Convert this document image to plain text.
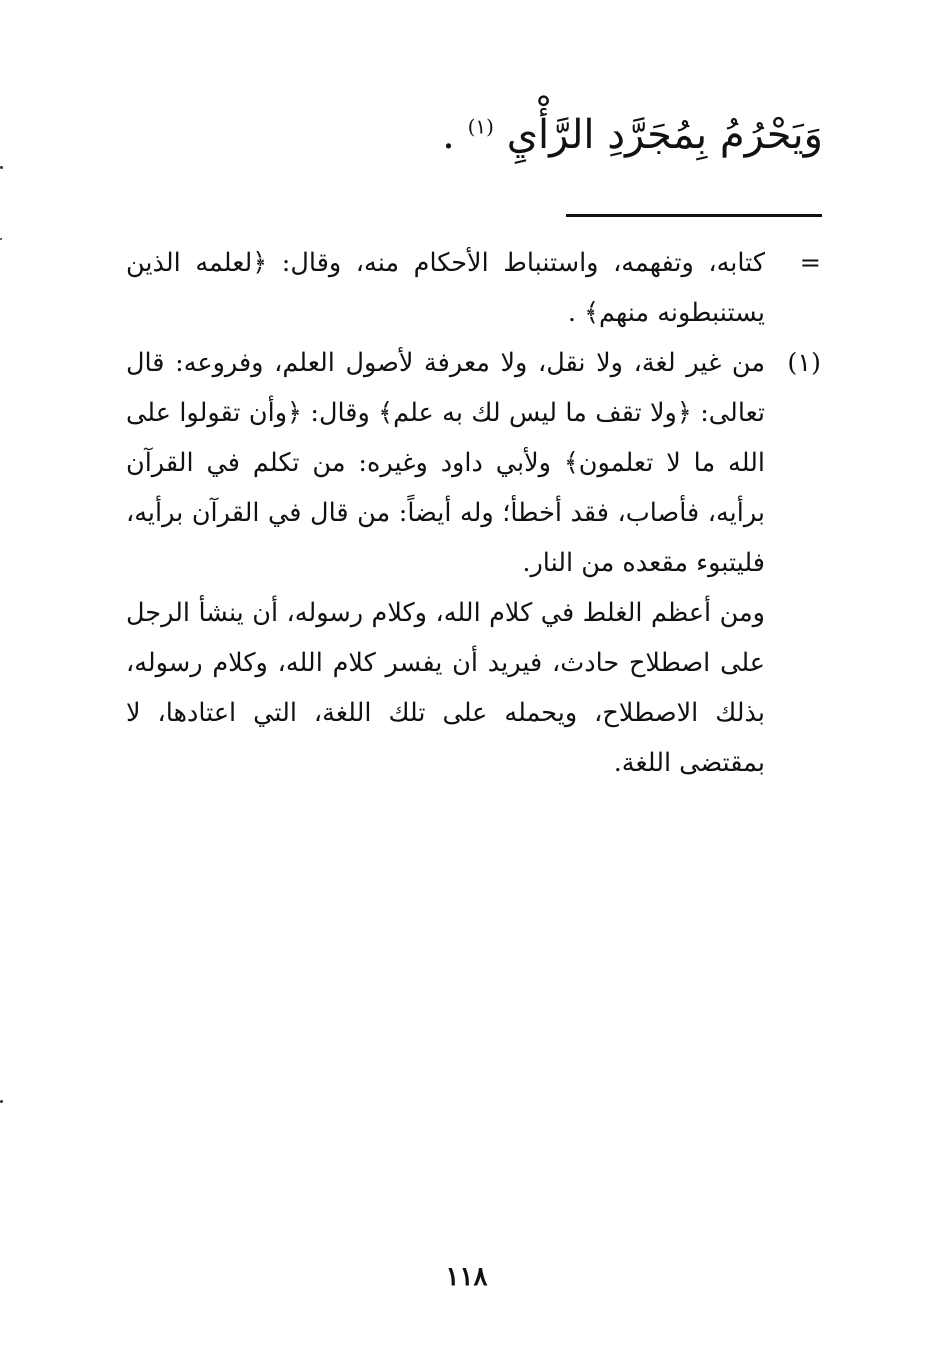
وَيَحْرُمُ بِمُجَرَّدِ الرَّأْيِ $^{(١)}$ .
=
كتابه، وتفهمه، واستنباط الأحكام منه، وقال: ﴿لعلمه الذين يستنبطونه منهم﴾ .
(١)
من غير لغة، ولا نقل، ولا معرفة لأصول العلم، وفروعه: قال تعالى: ﴿ولا تقف ما ليس لك به علم﴾ وقال: ﴿وأن تقولوا على الله ما لا تعلمون﴾ ولأبي داود وغيره: من تكلم في القرآن برأيه، فأصاب، فقد أخطأ؛ وله أيضاً: من قال في القرآن برأيه، فليتبوء مقعده من النار.
ومن أعظم الغلط في كلام الله، وكلام رسوله، أن ينشأ الرجل على اصطلاح حادث، فيريد أن يفسر كلام الله، وكلام رسوله، بذلك الاصطلاح، ويحمله على تلك اللغة، التي اعتادها، لا بمقتضى اللغة.
١١٨
